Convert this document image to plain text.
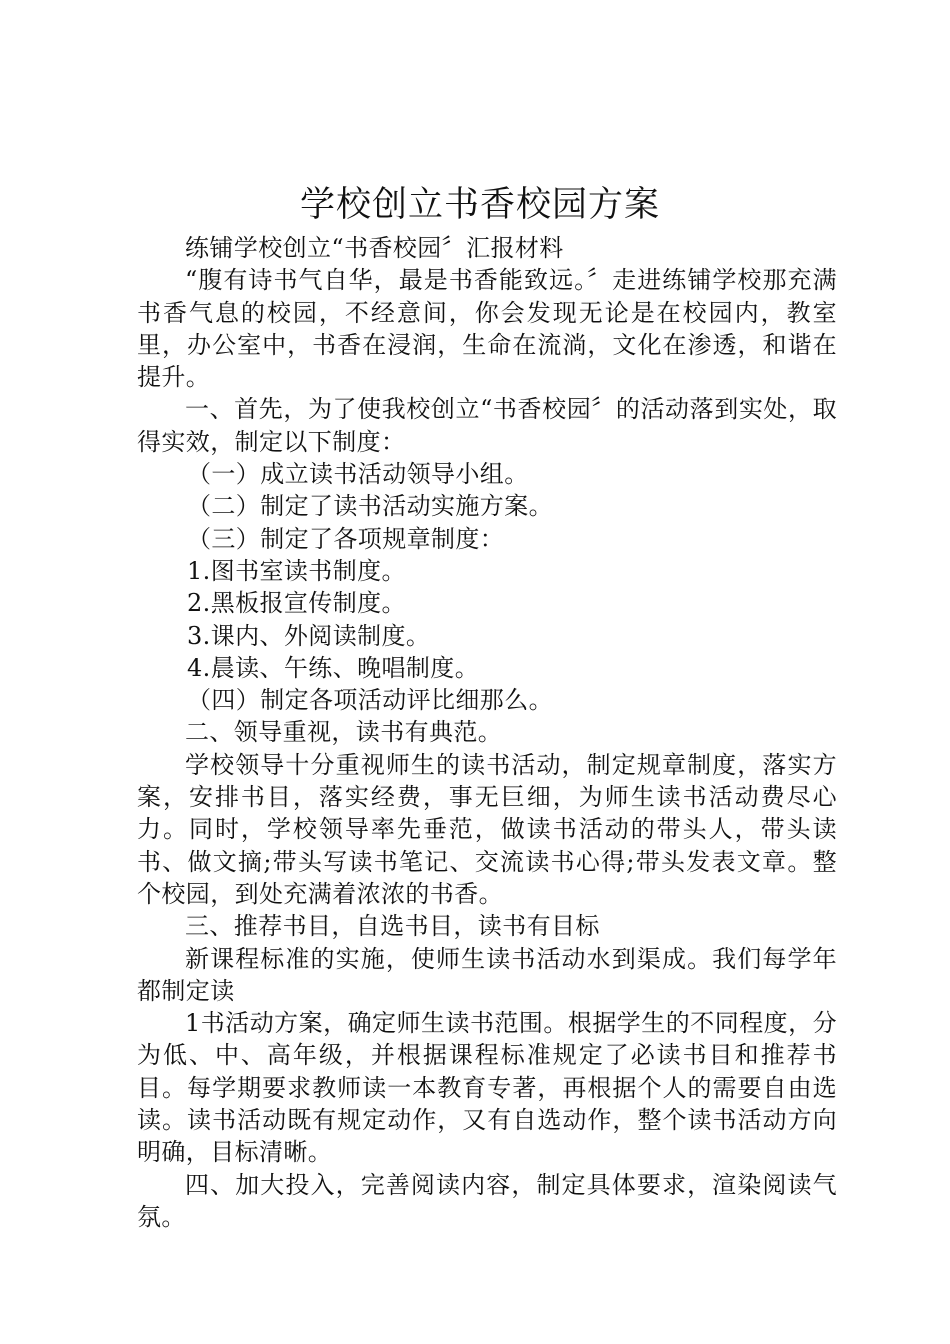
学校创立书香校园方案

练铺学校创立“书香校园〞汇报材料

“腹有诗书气自华，最是书香能致远。〞走进练铺学校那充满书香气息的校园，不经意间，你会发现无论是在校园内，教室里，办公室中，书香在浸润，生命在流淌，文化在渗透，和谐在提升。

一、首先，为了使我校创立“书香校园〞的活动落到实处，取得实效，制定以下制度：

（一）成立读书活动领导小组。

（二）制定了读书活动实施方案。

（三）制定了各项规章制度：

1.图书室读书制度。

2.黑板报宣传制度。

3.课内、外阅读制度。

4.晨读、午练、晚唱制度。

（四）制定各项活动评比细那么。

二、领导重视，读书有典范。

学校领导十分重视师生的读书活动，制定规章制度，落实方案，安排书目，落实经费，事无巨细，为师生读书活动费尽心力。同时，学校领导率先垂范，做读书活动的带头人，带头读书、做文摘;带头写读书笔记、交流读书心得;带头发表文章。整个校园，到处充满着浓浓的书香。

三、推荐书目，自选书目，读书有目标

新课程标准的实施，使师生读书活动水到渠成。我们每学年都制定读

1书活动方案，确定师生读书范围。根据学生的不同程度，分为低、中、高年级，并根据课程标准规定了必读书目和推荐书目。每学期要求教师读一本教育专著，再根据个人的需要自由选读。读书活动既有规定动作，又有自选动作，整个读书活动方向明确，目标清晰。

四、加大投入，完善阅读内容，制定具体要求，渲染阅读气氛。
